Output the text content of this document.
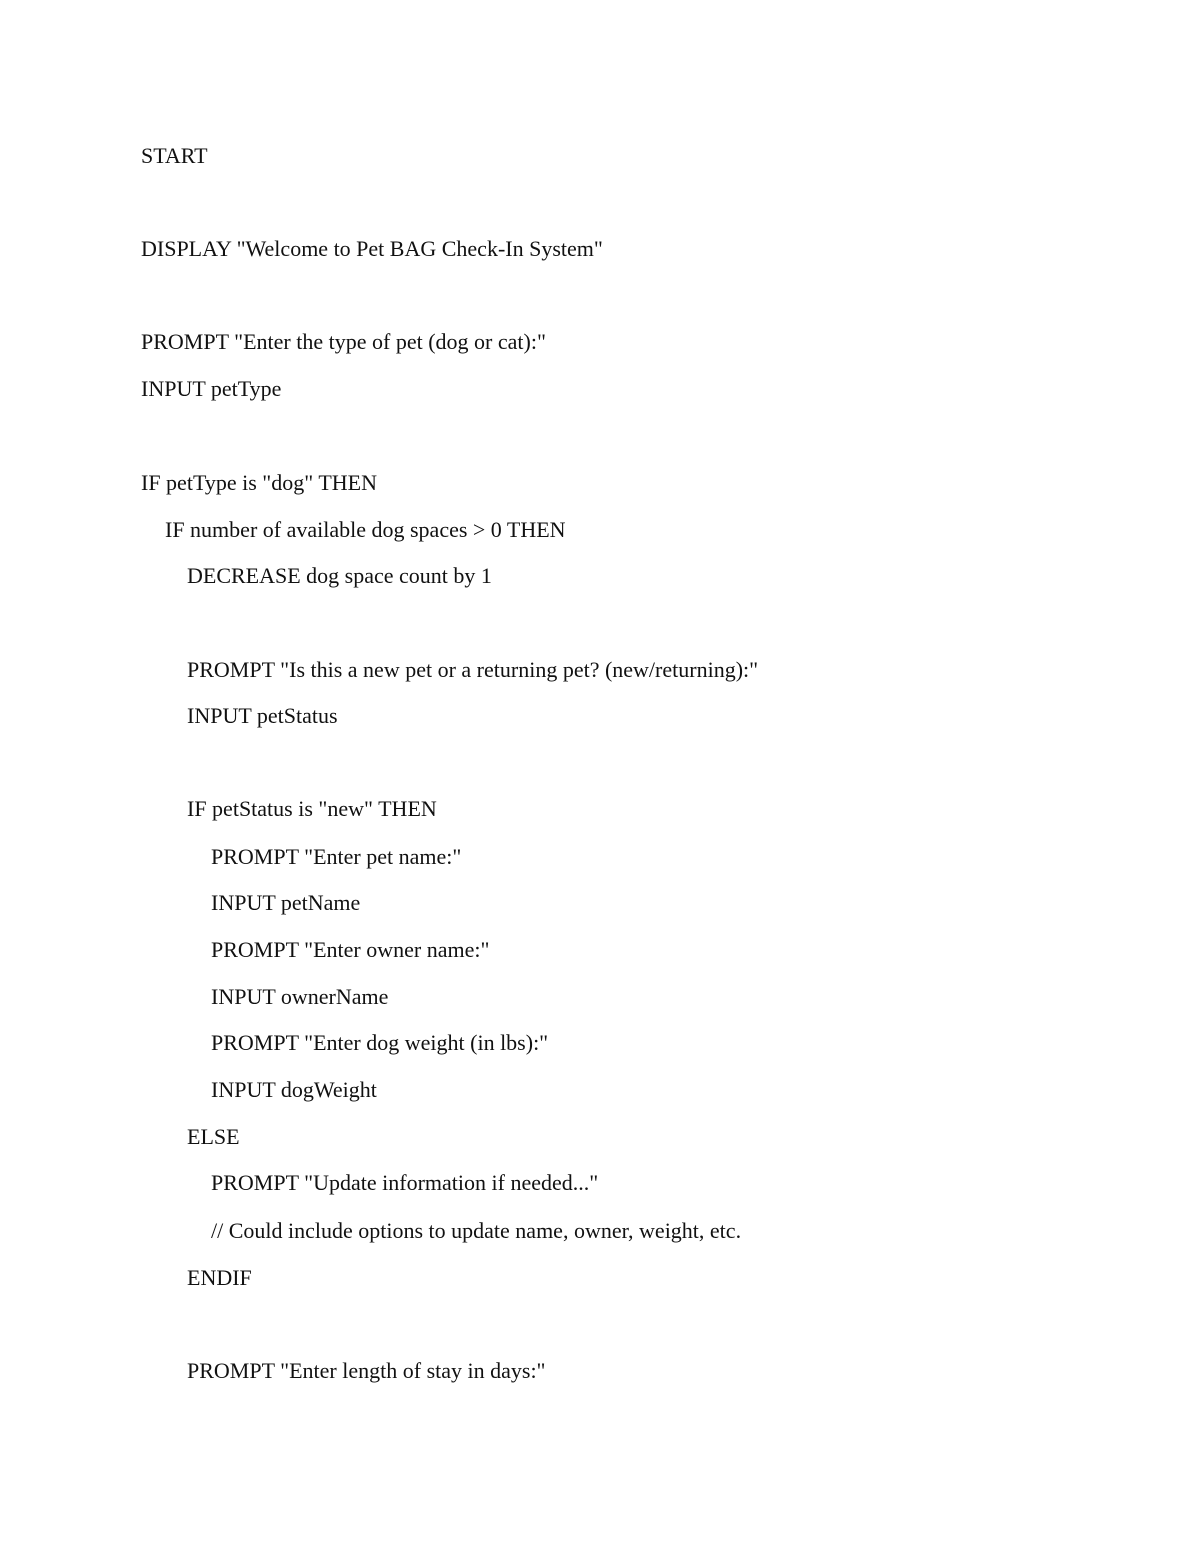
START

DISPLAY "Welcome to Pet BAG Check-In System"

PROMPT "Enter the type of pet (dog or cat):"

INPUT petType

IF petType is "dog" THEN

IF number of available dog spaces > 0 THEN

DECREASE dog space count by 1

PROMPT "Is this a new pet or a returning pet? (new/returning):"

INPUT petStatus

IF petStatus is "new" THEN

PROMPT "Enter pet name:"

INPUT petName

PROMPT "Enter owner name:"

INPUT ownerName

PROMPT "Enter dog weight (in lbs):"

INPUT dogWeight

ELSE

PROMPT "Update information if needed..."

// Could include options to update name, owner, weight, etc.

ENDIF

PROMPT "Enter length of stay in days:"
